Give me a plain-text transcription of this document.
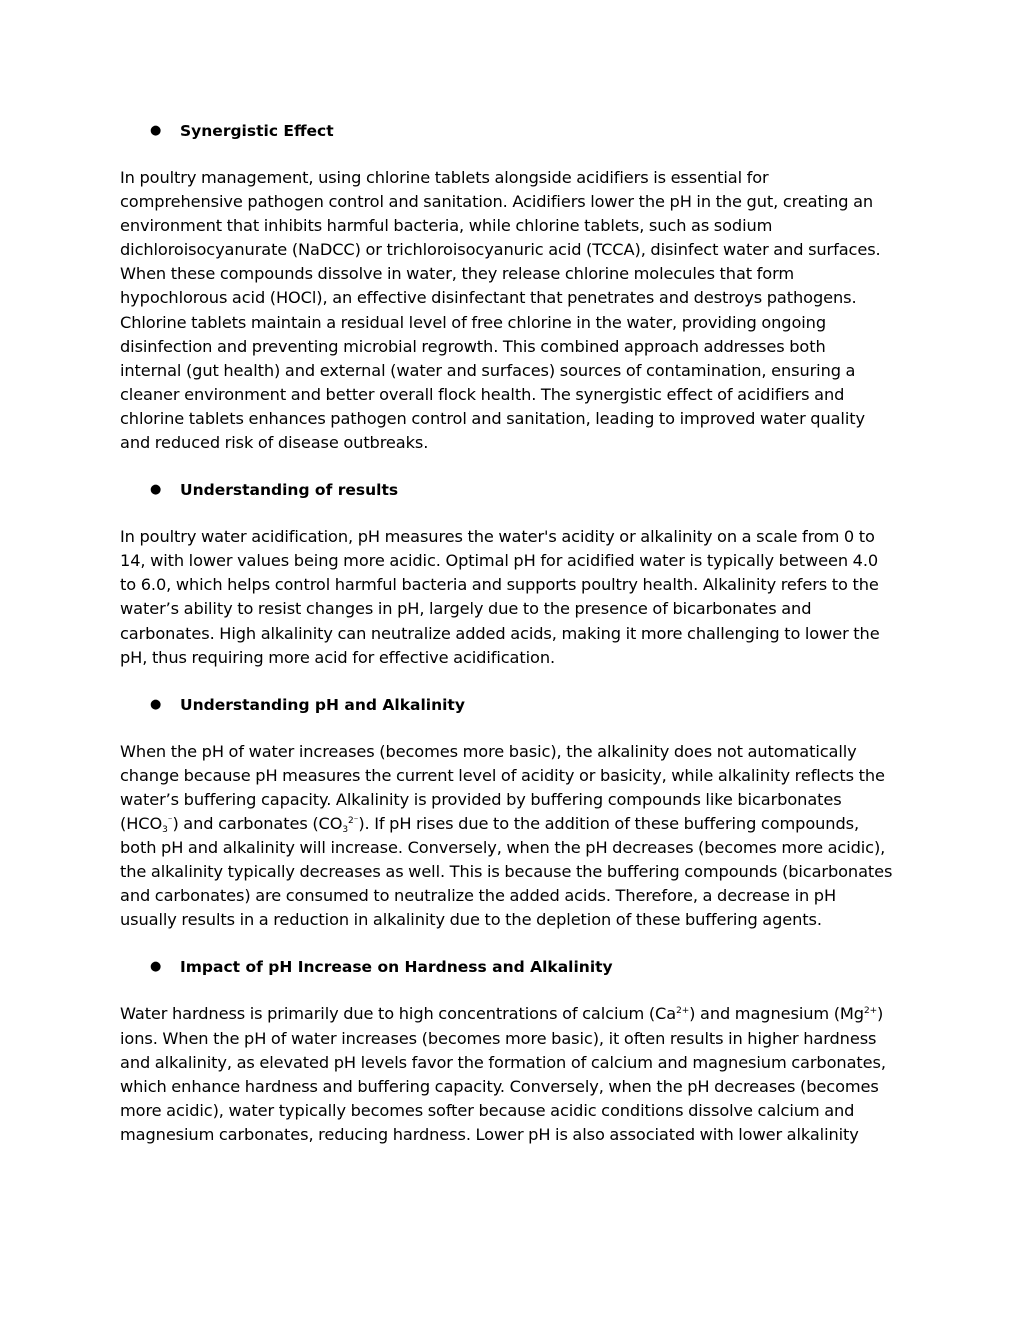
● Synergistic Effect
In poultry management, using chlorine tablets alongside acidifiers is essential for
comprehensive pathogen control and sanitation. Acidifiers lower the pH in the gut, creating an
environment that inhibits harmful bacteria, while chlorine tablets, such as sodium
dichloroisocyanurate (NaDCC) or trichloroisocyanuric acid (TCCA), disinfect water and surfaces.
When these compounds dissolve in water, they release chlorine molecules that form
hypochlorous acid (HOCl), an effective disinfectant that penetrates and destroys pathogens.
Chlorine tablets maintain a residual level of free chlorine in the water, providing ongoing
disinfection and preventing microbial regrowth. This combined approach addresses both
internal (gut health) and external (water and surfaces) sources of contamination, ensuring a
cleaner environment and better overall flock health. The synergistic effect of acidifiers and
chlorine tablets enhances pathogen control and sanitation, leading to improved water quality
and reduced risk of disease outbreaks.
● Understanding of results
In poultry water acidification, pH measures the water's acidity or alkalinity on a scale from 0 to
14, with lower values being more acidic. Optimal pH for acidified water is typically between 4.0
to 6.0, which helps control harmful bacteria and supports poultry health. Alkalinity refers to the
water’s ability to resist changes in pH, largely due to the presence of bicarbonates and
carbonates. High alkalinity can neutralize added acids, making it more challenging to lower the
pH, thus requiring more acid for effective acidification.
● Understanding pH and Alkalinity
When the pH of water increases (becomes more basic), the alkalinity does not automatically
change because pH measures the current level of acidity or basicity, while alkalinity reflects the
water’s buffering capacity. Alkalinity is provided by buffering compounds like bicarbonates
$(HCO_3^{^-})$ and carbonates $(CO_3^{2^-})$. If pH rises due to the addition of these buffering compounds,
both pH and alkalinity will increase. Conversely, when the pH decreases (becomes more acidic),
the alkalinity typically decreases as well. This is because the buffering compounds (bicarbonates
and carbonates) are consumed to neutralize the added acids. Therefore, a decrease in pH
usually results in a reduction in alkalinity due to the depletion of these buffering agents.
● Impact of pH Increase on Hardness and Alkalinity
Water hardness is primarily due to high concentrations of calcium $(Ca^{2+})$ and magnesium $(Mg^{2+})$
ions. When the pH of water increases (becomes more basic), it often results in higher hardness
and alkalinity, as elevated pH levels favor the formation of calcium and magnesium carbonates,
which enhance hardness and buffering capacity. Conversely, when the pH decreases (becomes
more acidic), water typically becomes softer because acidic conditions dissolve calcium and
magnesium carbonates, reducing hardness. Lower pH is also associated with lower alkalinity
